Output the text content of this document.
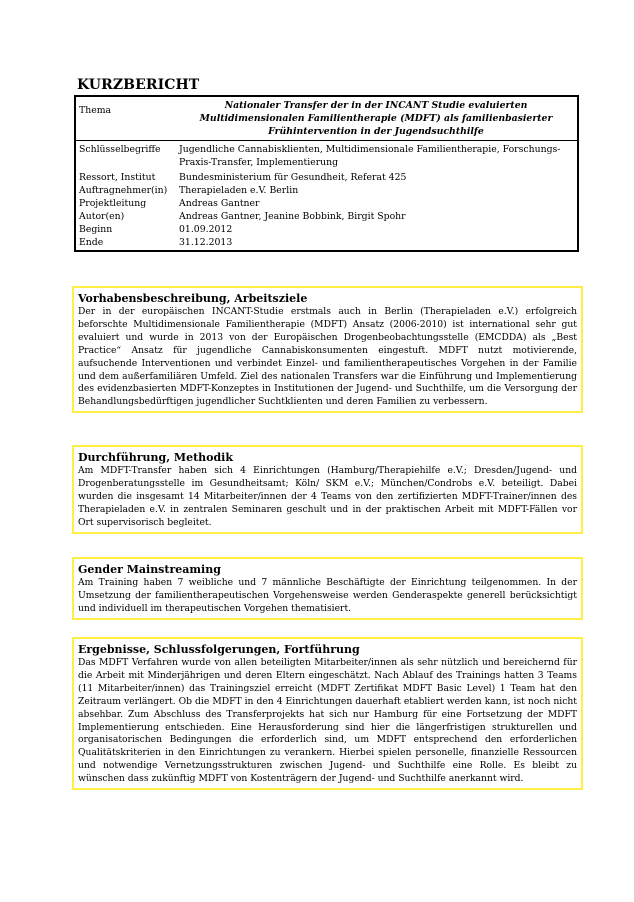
KURZBERICHT
Thema	Nationaler Transfer der in der INCANT Studie evaluierten Multidimensionalen Familientherapie (MDFT) als familienbasierter Frühintervention in der Jugendsuchthilfe
Schlüsselbegriffe	Jugendliche Cannabisklienten, Multidimensionale Familientherapie, Forschungs-Praxis-Transfer, Implementierung
Ressort, Institut	Bundesministerium für Gesundheit, Referat 425
Auftragnehmer(in)	Therapieladen e.V. Berlin
Projektleitung	Andreas Gantner
Autor(en)	Andreas Gantner, Jeanine Bobbink, Birgit Spohr
Beginn	01.09.2012
Ende	31.12.2013
Vorhabensbeschreibung, Arbeitsziele
Der in der europäischen INCANT-Studie erstmals auch in Berlin (Therapieladen e.V.) erfolgreich beforschte Multidimensionale Familientherapie (MDFT) Ansatz (2006-2010) ist international sehr gut evaluiert und wurde in 2013 von der Europäischen Drogenbeobachtungsstelle (EMCDDA) als „Best Practice“ Ansatz für jugendliche Cannabiskonsumenten eingestuft. MDFT nutzt motivierende, aufsuchende Interventionen und verbindet Einzel- und familientherapeutisches Vorgehen in der Familie und dem außerfamiliären Umfeld. Ziel des nationalen Transfers war die Einführung und Implementierung des evidenzbasierten MDFT-Konzeptes in Institutionen der Jugend- und Suchthilfe, um die Versorgung der Behandlungsbedürftigen jugendlicher Suchtklienten und deren Familien zu verbessern.
Durchführung, Methodik
Am MDFT-Transfer haben sich 4 Einrichtungen (Hamburg/Therapiehilfe e.V.; Dresden/Jugend- und Drogenberatungsstelle im Gesundheitsamt; Köln/ SKM e.V.; München/Condrobs e.V. beteiligt. Dabei wurden die insgesamt 14 Mitarbeiter/innen der 4 Teams von den zertifizierten MDFT-Trainer/innen des Therapieladen e.V. in zentralen Seminaren geschult und in der praktischen Arbeit mit MDFT-Fällen vor Ort supervisorisch begleitet.
Gender Mainstreaming
Am Training haben 7 weibliche und 7 männliche Beschäftigte der Einrichtung teilgenommen. In der Umsetzung der familientherapeutischen Vorgehensweise werden Genderaspekte generell berücksichtigt und individuell im therapeutischen Vorgehen thematisiert.
Ergebnisse, Schlussfolgerungen, Fortführung
Das MDFT Verfahren wurde von allen beteiligten Mitarbeiter/innen als sehr nützlich und bereichernd für die Arbeit mit Minderjährigen und deren Eltern eingeschätzt. Nach Ablauf des Trainings hatten 3 Teams (11 Mitarbeiter/innen) das Trainingsziel erreicht (MDFT Zertifikat MDFT Basic Level) 1 Team hat den Zeitraum verlängert. Ob die MDFT in den 4 Einrichtungen dauerhaft etabliert werden kann, ist noch nicht absehbar. Zum Abschluss des Transferprojekts hat sich nur Hamburg für eine Fortsetzung der MDFT Implementierung entschieden. Eine Herausforderung sind hier die längerfristigen strukturellen und organisatorischen Bedingungen die erforderlich sind, um MDFT entsprechend den erforderlichen Qualitätskriterien in den Einrichtungen zu verankern. Hierbei spielen personelle, finanzielle Ressourcen und notwendige Vernetzungsstrukturen zwischen Jugend- und Suchthilfe eine Rolle. Es bleibt zu wünschen dass zukünftig MDFT von Kostenträgern der Jugend- und Suchthilfe anerkannt wird.
